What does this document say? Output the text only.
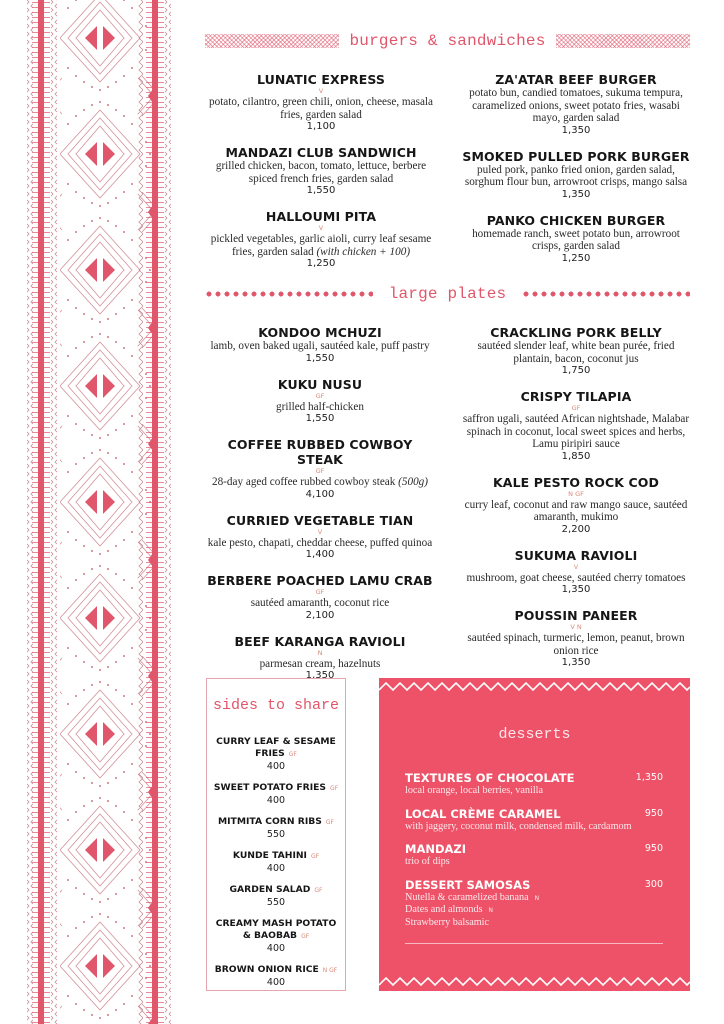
burgers & sandwiches
LUNATIC EXPRESS
V
potato, cilantro, green chili, onion, cheese, masala fries, garden salad
1,100
MANDAZI CLUB SANDWICH
grilled chicken, bacon, tomato, lettuce, berbere spiced french fries, garden salad
1,550
HALLOUMI PITA
V
pickled vegetables, garlic aioli, curry leaf sesame fries, garden salad (with chicken + 100)
1,250
ZA'ATAR BEEF BURGER
potato bun, candied tomatoes, sukuma tempura, caramelized onions, sweet potato fries, wasabi mayo, garden salad
1,350
SMOKED PULLED PORK BURGER
puled pork, panko fried onion, garden salad, sorghum flour bun, arrowroot crisps, mango salsa
1,350
PANKO CHICKEN BURGER
homemade ranch, sweet potato bun, arrowroot crisps, garden salad
1,250
large plates
KONDOO MCHUZI
lamb, oven baked ugali, sautéed kale, puff pastry
1,550
KUKU NUSU
GF
grilled half-chicken
1,550
COFFEE RUBBED COWBOY STEAK
GF
28-day aged coffee rubbed cowboy steak (500g)
4,100
CURRIED VEGETABLE TIAN
V
kale pesto, chapati, cheddar cheese, puffed quinoa
1,400
BERBERE POACHED LAMU CRAB
GF
sautéed amaranth, coconut rice
2,100
BEEF KARANGA RAVIOLI
N
parmesan cream, hazelnuts
1,350
CRACKLING PORK BELLY
sautéed slender leaf, white bean purée, fried plantain, bacon, coconut jus
1,750
CRISPY TILAPIA
GF
saffron ugali, sautéed African nightshade, Malabar spinach in coconut, local sweet spices and herbs, Lamu piripiri sauce
1,850
KALE PESTO ROCK COD
N GF
curry leaf, coconut and raw mango sauce, sautéed amaranth, mukimo
2,200
SUKUMA RAVIOLI
V
mushroom, goat cheese, sautéed cherry tomatoes
1,350
POUSSIN PANEER
V N
sautéed spinach, turmeric, lemon, peanut, brown onion rice
1,350
sides to share
CURRY LEAF & SESAME FRIES GF
400
SWEET POTATO FRIES GF
400
MITMITA CORN RIBS GF
550
KUNDE TAHINI GF
400
GARDEN SALAD GF
550
CREAMY MASH POTATO & BAOBAB GF
400
BROWN ONION RICE N GF
400
desserts
TEXTURES OF CHOCOLATE	1,350
local orange, local berries, vanilla
LOCAL CRÈME CARAMEL	950
with jaggery, coconut milk, condensed milk, cardamom
MANDAZI	950
trio of dips
DESSERT SAMOSAS	300
Nutella & caramelized banana N
Dates and almonds N
Strawberry balsamic
